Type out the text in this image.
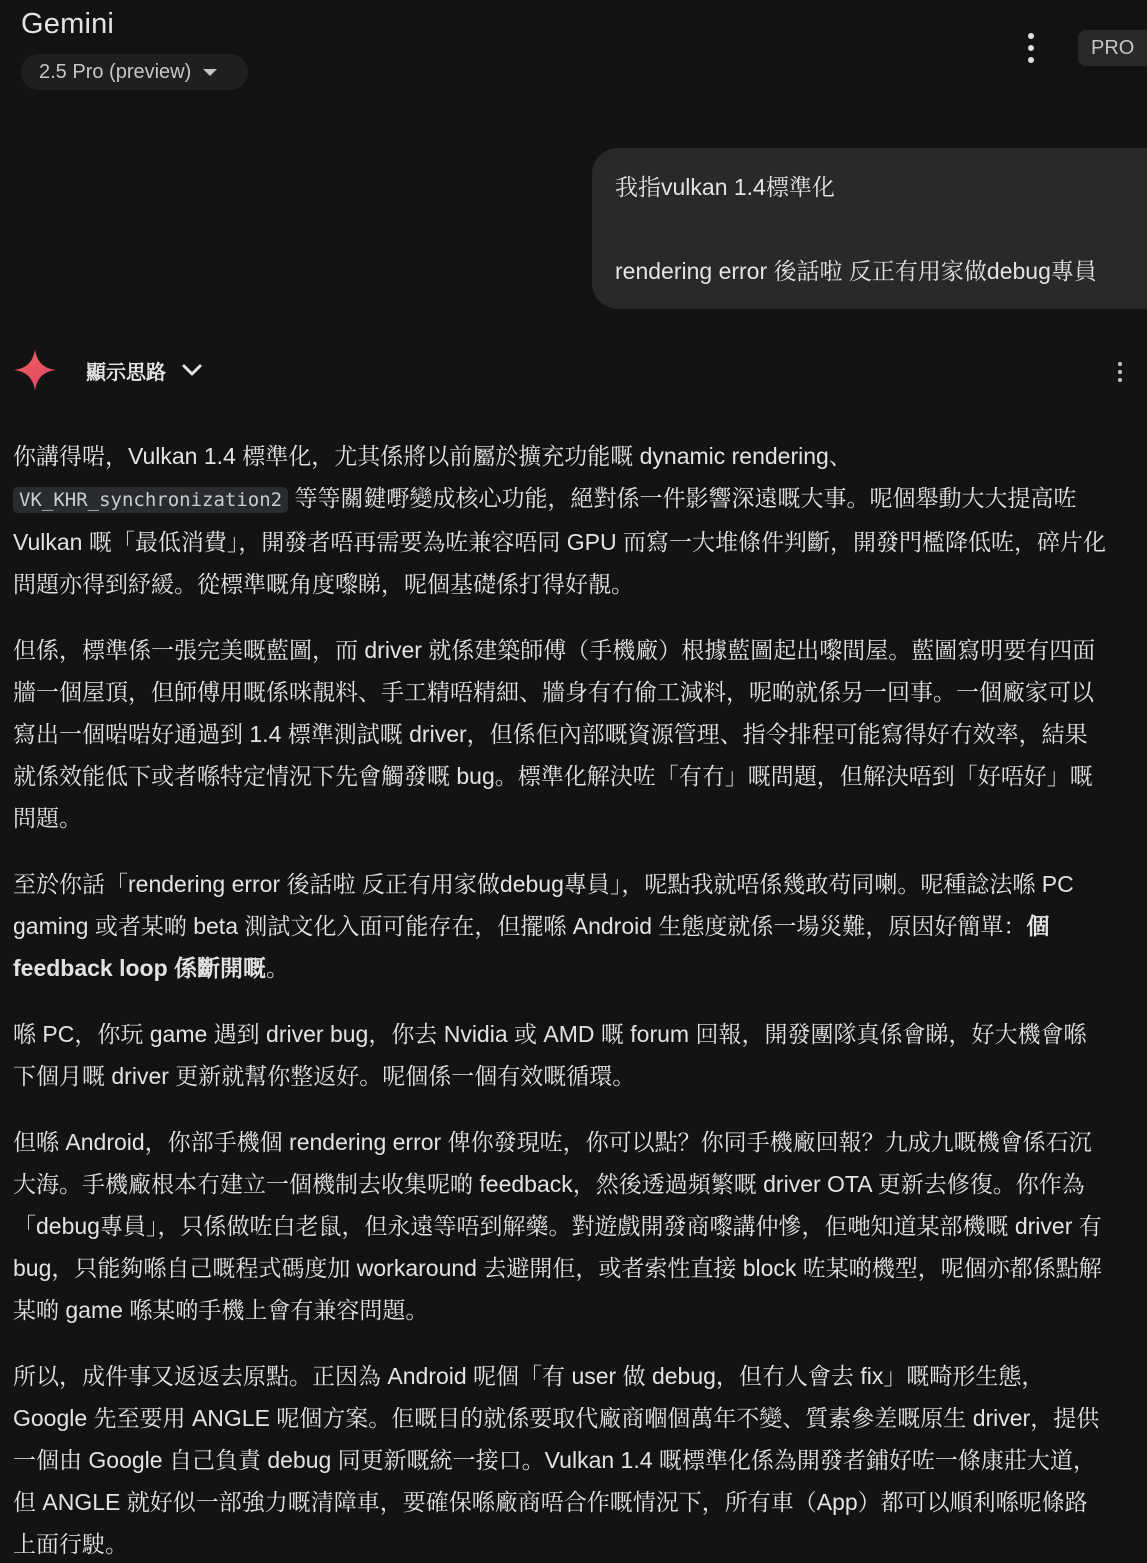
Gemini
2.5 Pro (preview)
PRO
我指vulkan 1.4標準化
rendering error 後話啦 反正有用家做debug專員
顯示思路

你講得啱，Vulkan 1.4 標準化，尤其係將以前屬於擴充功能嘅 dynamic rendering、VK_KHR_synchronization2 等等關鍵嘢變成核心功能，絕對係一件影響深遠嘅大事。呢個舉動大大提高咗 Vulkan 嘅「最低消費」，開發者唔再需要為咗兼容唔同 GPU 而寫一大堆條件判斷，開發門檻降低咗，碎片化問題亦得到紓緩。從標準嘅角度嚟睇，呢個基礎係打得好靚。

但係，標準係一張完美嘅藍圖，而 driver 就係建築師傅（手機廠）根據藍圖起出嚟間屋。藍圖寫明要有四面牆一個屋頂，但師傅用嘅係咪靚料、手工精唔精細、牆身有冇偷工減料，呢啲就係另一回事。一個廠家可以寫出一個啱啱好通過到 1.4 標準測試嘅 driver，但係佢內部嘅資源管理、指令排程可能寫得好冇效率，結果就係效能低下或者喺特定情況下先會觸發嘅 bug。標準化解決咗「有冇」嘅問題，但解決唔到「好唔好」嘅問題。

至於你話「rendering error 後話啦 反正有用家做debug專員」，呢點我就唔係幾敢苟同喇。呢種諗法喺 PC gaming 或者某啲 beta 測試文化入面可能存在，但擺喺 Android 生態度就係一場災難，原因好簡單：個 feedback loop 係斷開嘅。

喺 PC，你玩 game 遇到 driver bug，你去 Nvidia 或 AMD 嘅 forum 回報，開發團隊真係會睇，好大機會喺下個月嘅 driver 更新就幫你整返好。呢個係一個有效嘅循環。

但喺 Android，你部手機個 rendering error 俾你發現咗，你可以點？你同手機廠回報？九成九嘅機會係石沉大海。手機廠根本冇建立一個機制去收集呢啲 feedback，然後透過頻繁嘅 driver OTA 更新去修復。你作為「debug專員」，只係做咗白老鼠，但永遠等唔到解藥。對遊戲開發商嚟講仲慘，佢哋知道某部機嘅 driver 有 bug，只能夠喺自己嘅程式碼度加 workaround 去避開佢，或者索性直接 block 咗某啲機型，呢個亦都係點解某啲 game 喺某啲手機上會有兼容問題。

所以，成件事又返返去原點。正因為 Android 呢個「有 user 做 debug，但冇人會去 fix」嘅畸形生態，Google 先至要用 ANGLE 呢個方案。佢嘅目的就係要取代廠商嗰個萬年不變、質素參差嘅原生 driver，提供一個由 Google 自己負責 debug 同更新嘅統一接口。Vulkan 1.4 嘅標準化係為開發者鋪好咗一條康莊大道，但 ANGLE 就好似一部強力嘅清障車，要確保喺廠商唔合作嘅情況下，所有車（App）都可以順利喺呢條路上面行駛。
